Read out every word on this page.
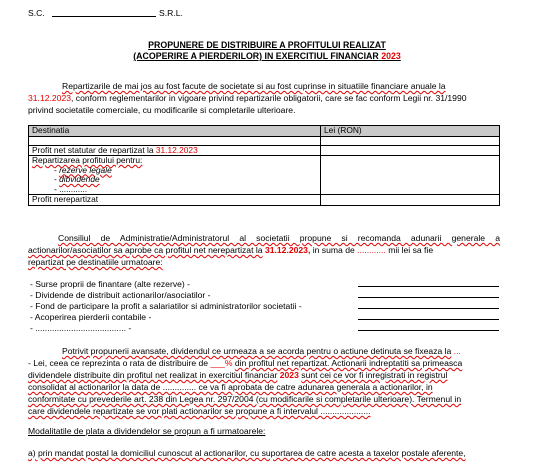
S.C.	S.R.L.
PROPUNERE DE DISTRIBUIRE A PROFITULUI REALIZAT
(ACOPERIRE A PIERDERILOR) IN EXERCITIUL FINANCIAR 2023
Repartizarile de mai jos au fost facute de societate si au fost cuprinse in situatiile financiare anuale la
31.12.2023, conform reglementarilor in vigoare privind repartizarile obligatorii, care se fac conform Legii nr. 31/1990
privind societatile comerciale, cu modificarile si completarile ulterioare.
Destinatia	Lei (RON)

Profit net statutar de repartizat la 31.12.2023	

Repartizarea profitului pentru:
- rezerve legale
- dibvidende
- ............	

Profit nerepartizat	
Consiliul de Administratie/Administratorul al societatii propune si recomanda adunarii generale a
actionarilor/asociatilor sa aprobe ca profitul net nerepartizat la 31.12.2023, in suma de ............ mii lei sa fie
repartizat pe destinatiile urmatoare:
- Surse proprii de finantare (alte rezerve) -
- Dividende de distribuit actionarilor/asociatilor -
- Fond de participare la profit a salariatilor si administratorilor societatii -
- Acoperirea pierderii contabile -
- ...................................... -
Potrivit propunerii avansate, dividendul ce urmeaza a se acorda pentru o actiune detinuta se fixeaza la ...
- Lei, ceea ce reprezinta o rata de distribuire de ___% din profitul net repartizat. Actionarii indreptatiti sa primeasca
dividendele distribuite din profitul net realizat in exercitiul financiar 2023 sunt cei ce vor fi inregistrati in registrul
consolidat al actionarilor la data de .............. ce va fi aprobata de catre adunarea generala a actionarilor, in
conformitate cu prevederile art. 238 din Legea nr. 297/2004 (cu modificarile si completarile ulterioare). Termenul in
care dividendele repartizate se vor plati actionarilor se propune a fi intervalul .....................
Modalitatile de plata a dividendelor se propun a fi urmatoarele:
a) prin mandat postal la domiciliul cunoscut al actionarilor, cu suportarea de catre acesta a taxelor postale aferente,
